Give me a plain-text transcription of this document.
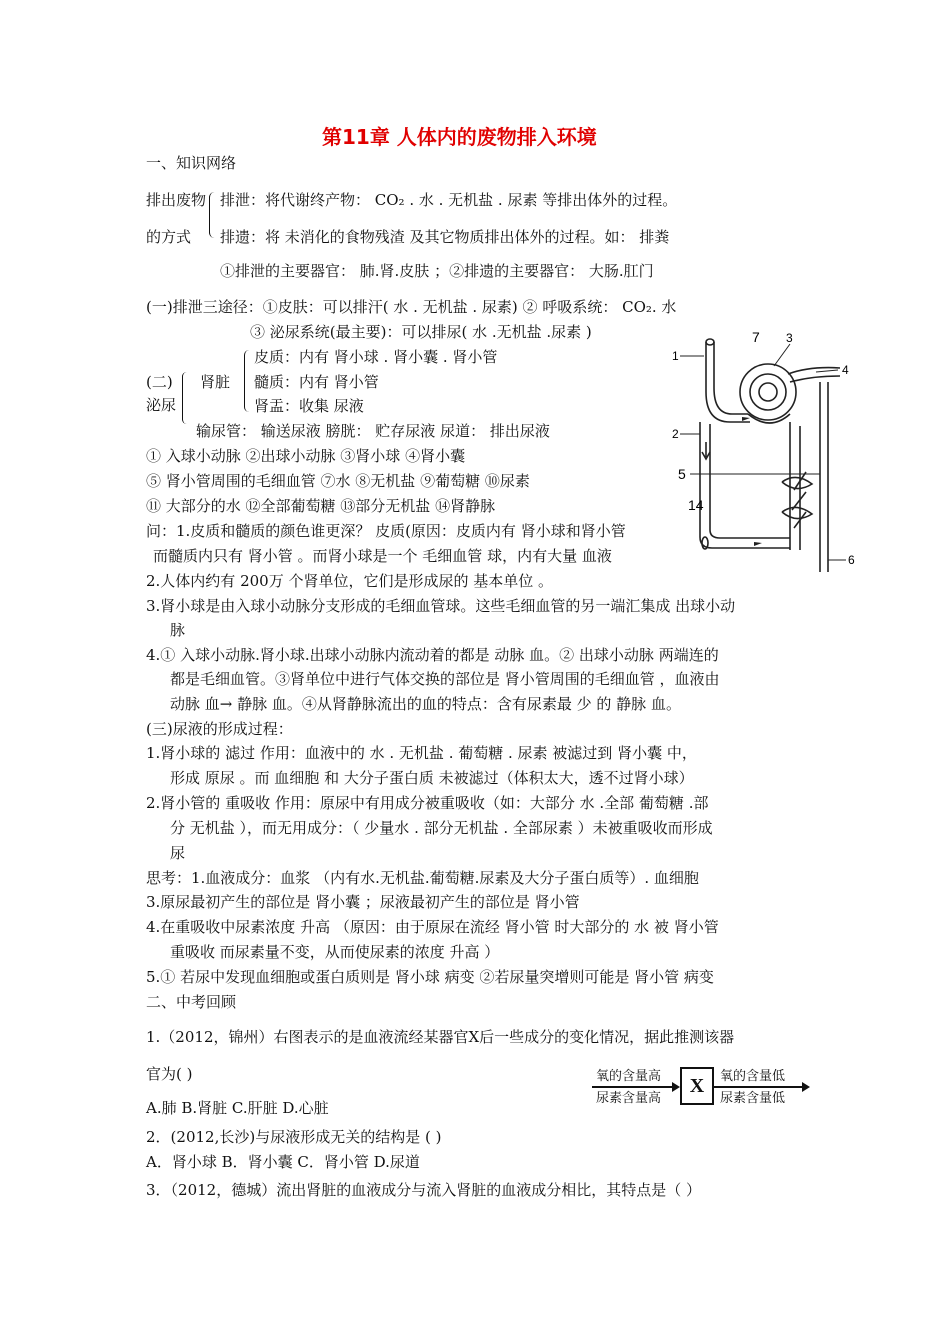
第11章 人体内的废物排入环境
一、知识网络
排出废物
的方式
排泄：将代谢终产物： CO₂ . 水 . 无机盐 . 尿素 等排出体外的过程。
排遗：将 未消化的食物残渣 及其它物质排出体外的过程。如： 排粪
①排泄的主要器官： 肺.肾.皮肤 ；②排遗的主要器官： 大肠.肛门
(一)排泄三途径：①皮肤：可以排汗( 水 . 无机盐 . 尿素) ② 呼吸系统： CO₂. 水
③ 泌尿系统(最主要)：可以排尿( 水 .无机盐 .尿素 )
(二)
泌尿
肾脏
皮质：内有 肾小球 . 肾小囊 . 肾小管
髓质：内有 肾小管
肾盂：收集 尿液
输尿管： 输送尿液 膀胱： 贮存尿液 尿道： 排出尿液
① 入球小动脉 ②出球小动脉 ③肾小球 ④肾小囊
⑤ 肾小管周围的毛细血管 ⑦水 ⑧无机盐 ⑨葡萄糖 ⑩尿素
⑪ 大部分的水 ⑫全部葡萄糖 ⑬部分无机盐 ⑭肾静脉
1
2
3
4
5
6
7
14
问：1.皮质和髓质的颜色谁更深？ 皮质(原因：皮质内有 肾小球和肾小管
而髓质内只有 肾小管 。而肾小球是一个 毛细血管 球，内有大量 血液
2.人体内约有 200万 个肾单位，它们是形成尿的 基本单位 。
3.肾小球是由入球小动脉分支形成的毛细血管球。这些毛细血管的另一端汇集成 出球小动
脉
4.① 入球小动脉.肾小球.出球小动脉内流动着的都是 动脉 血。② 出球小动脉 两端连的
都是毛细血管。③肾单位中进行气体交换的部位是 肾小管周围的毛细血管 ，血液由
动脉 血→ 静脉 血。④从肾静脉流出的血的特点：含有尿素最 少 的 静脉 血。
(三)尿液的形成过程：
1.肾小球的 滤过 作用：血液中的 水 . 无机盐 . 葡萄糖 . 尿素 被滤过到 肾小囊 中，
形成 原尿 。而 血细胞 和 大分子蛋白质 未被滤过（体积太大，透不过肾小球）
2.肾小管的 重吸收 作用：原尿中有用成分被重吸收（如：大部分 水 .全部 葡萄糖 .部
分 无机盐 ），而无用成分：（ 少量水 . 部分无机盐 . 全部尿素 ）未被重吸收而形成
尿
思考：1.血液成分：血浆 （内有水.无机盐.葡萄糖.尿素及大分子蛋白质等）. 血细胞
3.原尿最初产生的部位是 肾小囊 ；尿液最初产生的部位是 肾小管
4.在重吸收中尿素浓度 升高 （原因：由于原尿在流经 肾小管 时大部分的 水 被 肾小管
重吸收 而尿素量不变，从而使尿素的浓度 升高 ）
5.① 若尿中发现血细胞或蛋白质则是 肾小球 病变 ②若尿量突增则可能是 肾小管 病变
二、中考回顾
1.（2012，锦州）右图表示的是血液流经某器官X后一些成分的变化情况，据此推测该器
官为( )
A.肺 B.肾脏 C.肝脏 D.心脏
2．(2012,长沙)与尿液形成无关的结构是 ( )
A．肾小球 B．肾小囊 C．肾小管 D.尿道
3．（2012，德城）流出肾脏的血液成分与流入肾脏的血液成分相比，其特点是（ ）
氧的含量高
尿素含量高
X	氧的含量低
尿素含量低
